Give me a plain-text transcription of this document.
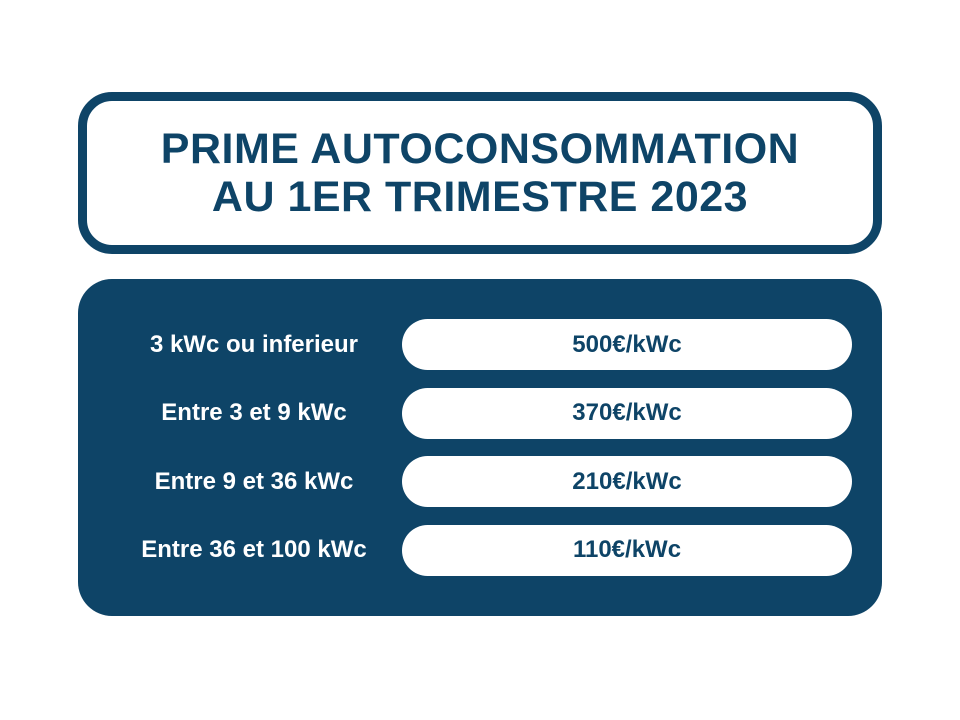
PRIME AUTOCONSOMMATION
AU 1ER TRIMESTRE 2023
3 kWc ou inferieur	500€/kWc
Entre 3 et 9 kWc	370€/kWc
Entre 9 et 36 kWc	210€/kWc
Entre 36 et 100 kWc	110€/kWc
